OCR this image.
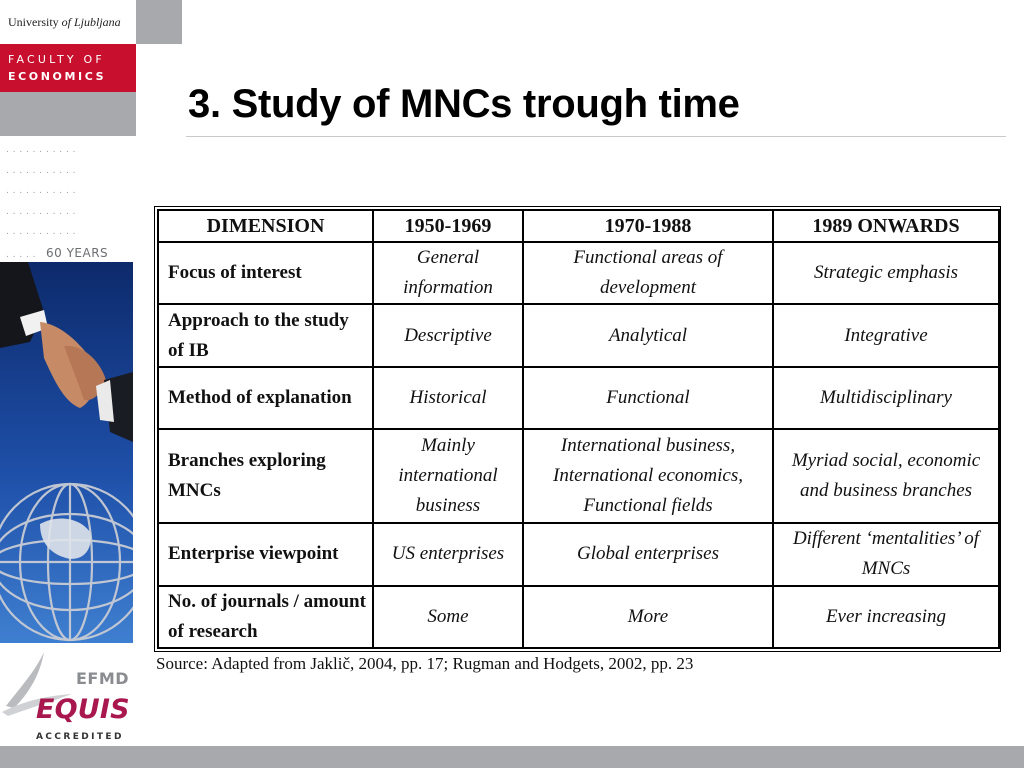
University of Ljubljana
FACULTY OF
ECONOMICS
...........
...........
...........
...........
...........
..... 60 YEARS
EFMD
EQUIS
ACCREDITED
3. Study of MNCs trough time
DIMENSION	1950-1969	1970-1988	1989 ONWARDS
Focus of interest	General information	Functional areas of development	Strategic emphasis
Approach to the study of IB	Descriptive	Analytical	Integrative
Method of explanation	Historical	Functional	Multidisciplinary
Branches exploring MNCs	Mainly international business	International business, International economics, Functional fields	Myriad social, economic and business branches
Enterprise viewpoint	US enterprises	Global enterprises	Different ‘mentalities’ of MNCs
No. of journals / amount of research	Some	More	Ever increasing
Source: Adapted from Jaklič, 2004, pp. 17; Rugman and Hodgets, 2002, pp. 23
